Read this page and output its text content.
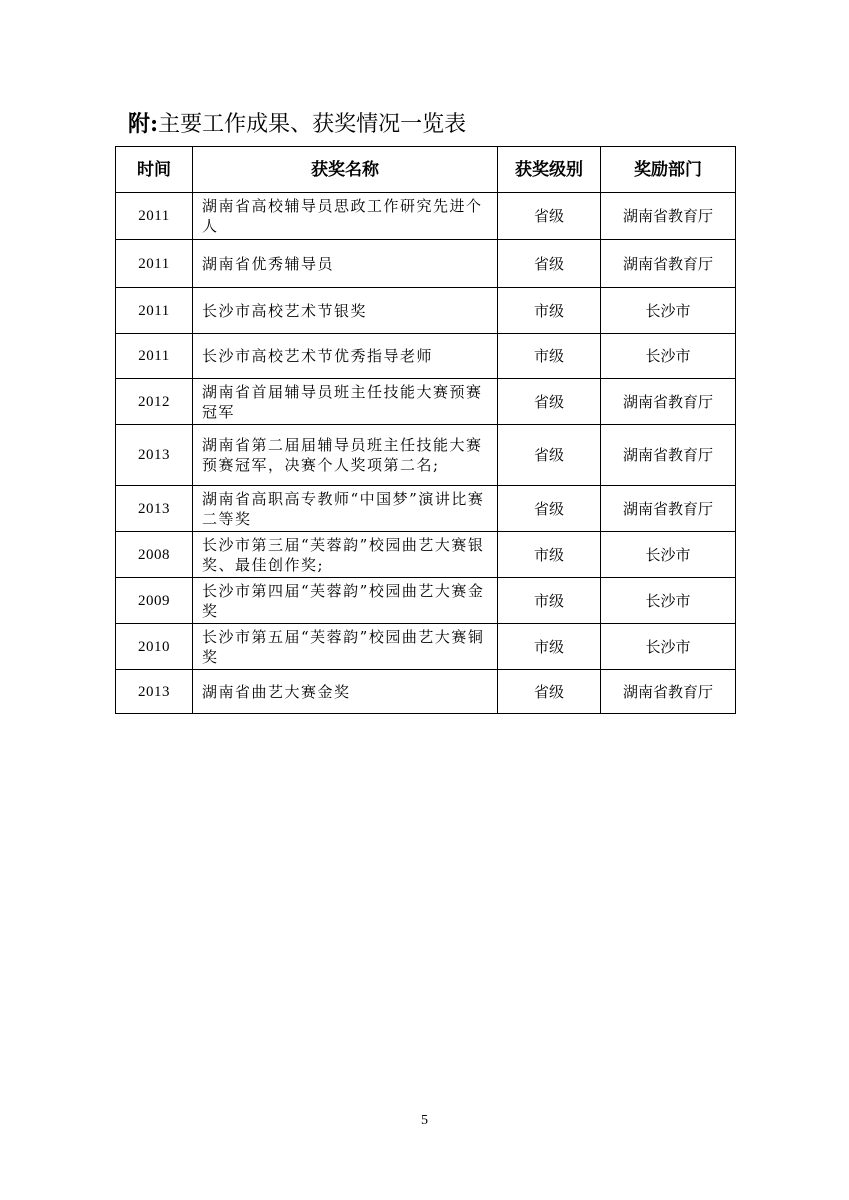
附:主要工作成果、获奖情况一览表
时间	获奖名称	获奖级别	奖励部门
2011	湖南省高校辅导员思政工作研究先进个人	省级	湖南省教育厅
2011	湖南省优秀辅导员	省级	湖南省教育厅
2011	长沙市高校艺术节银奖	市级	长沙市
2011	长沙市高校艺术节优秀指导老师	市级	长沙市
2012	湖南省首届辅导员班主任技能大赛预赛冠军	省级	湖南省教育厅
2013	湖南省第二届届辅导员班主任技能大赛预赛冠军，决赛个人奖项第二名;	省级	湖南省教育厅
2013	湖南省高职高专教师“中国梦”演讲比赛二等奖	省级	湖南省教育厅
2008	长沙市第三届“芙蓉韵”校园曲艺大赛银奖、最佳创作奖;	市级	长沙市
2009	长沙市第四届“芙蓉韵”校园曲艺大赛金奖	市级	长沙市
2010	长沙市第五届“芙蓉韵”校园曲艺大赛铜奖	市级	长沙市
2013	湖南省曲艺大赛金奖	省级	湖南省教育厅
5
